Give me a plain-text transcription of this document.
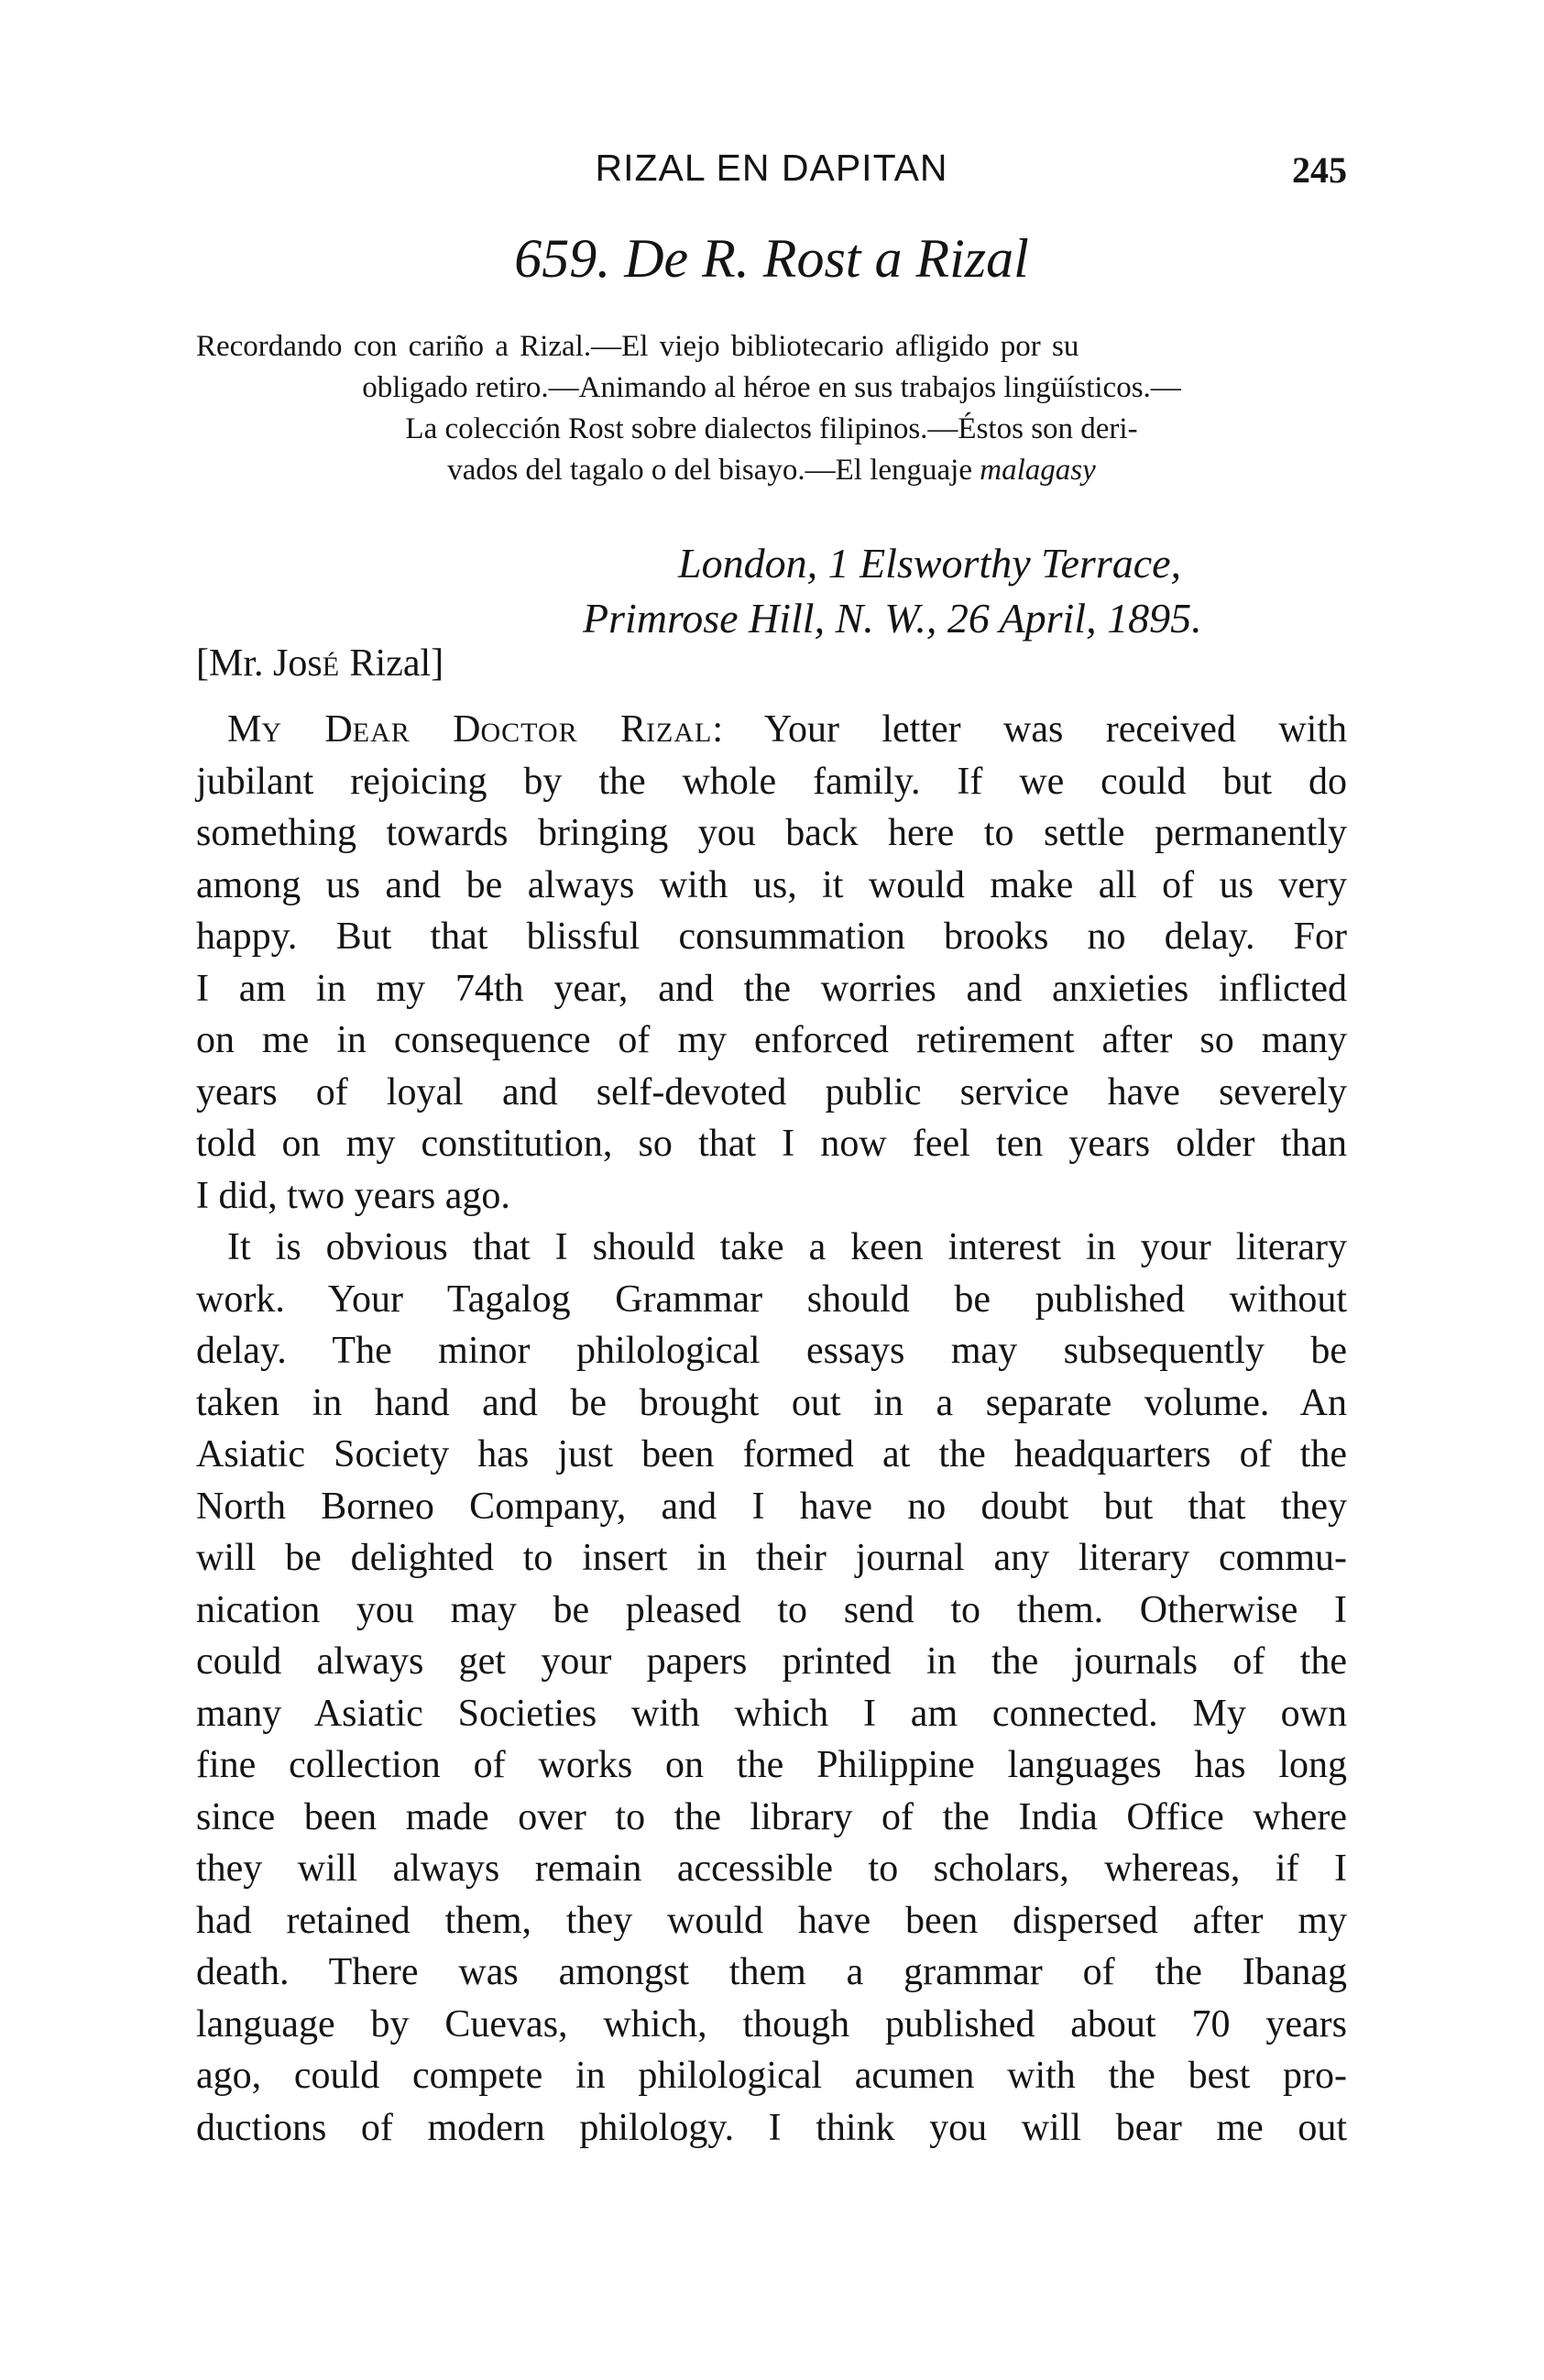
RIZAL EN DAPITAN	245
659. De R. Rost a Rizal
Recordando con cariño a Rizal.—El viejo bibliotecario afligido por su
obligado retiro.—Animando al héroe en sus trabajos lingüísticos.—
La colección Rost sobre dialectos filipinos.—Éstos son deri-
vados del tagalo o del bisayo.—El lenguaje malagasy
London, 1 Elsworthy Terrace,
Primrose Hill, N. W., 26 April, 1895.
[Mr. JosÉ Rizal]
MY DEAR DOCTOR RIZAL: Your letter was received with
jubilant rejoicing by the whole family. If we could but do
something towards bringing you back here to settle permanently
among us and be always with us, it would make all of us very
happy. But that blissful consummation brooks no delay. For
I am in my 74th year, and the worries and anxieties inflicted
on me in consequence of my enforced retirement after so many
years of loyal and self-devoted public service have severely
told on my constitution, so that I now feel ten years older than
I did, two years ago.
It is obvious that I should take a keen interest in your literary
work. Your Tagalog Grammar should be published without
delay. The minor philological essays may subsequently be
taken in hand and be brought out in a separate volume. An
Asiatic Society has just been formed at the headquarters of the
North Borneo Company, and I have no doubt but that they
will be delighted to insert in their journal any literary commu-
nication you may be pleased to send to them. Otherwise I
could always get your papers printed in the journals of the
many Asiatic Societies with which I am connected. My own
fine collection of works on the Philippine languages has long
since been made over to the library of the India Office where
they will always remain accessible to scholars, whereas, if I
had retained them, they would have been dispersed after my
death. There was amongst them a grammar of the Ibanag
language by Cuevas, which, though published about 70 years
ago, could compete in philological acumen with the best pro-
ductions of modern philology. I think you will bear me out
